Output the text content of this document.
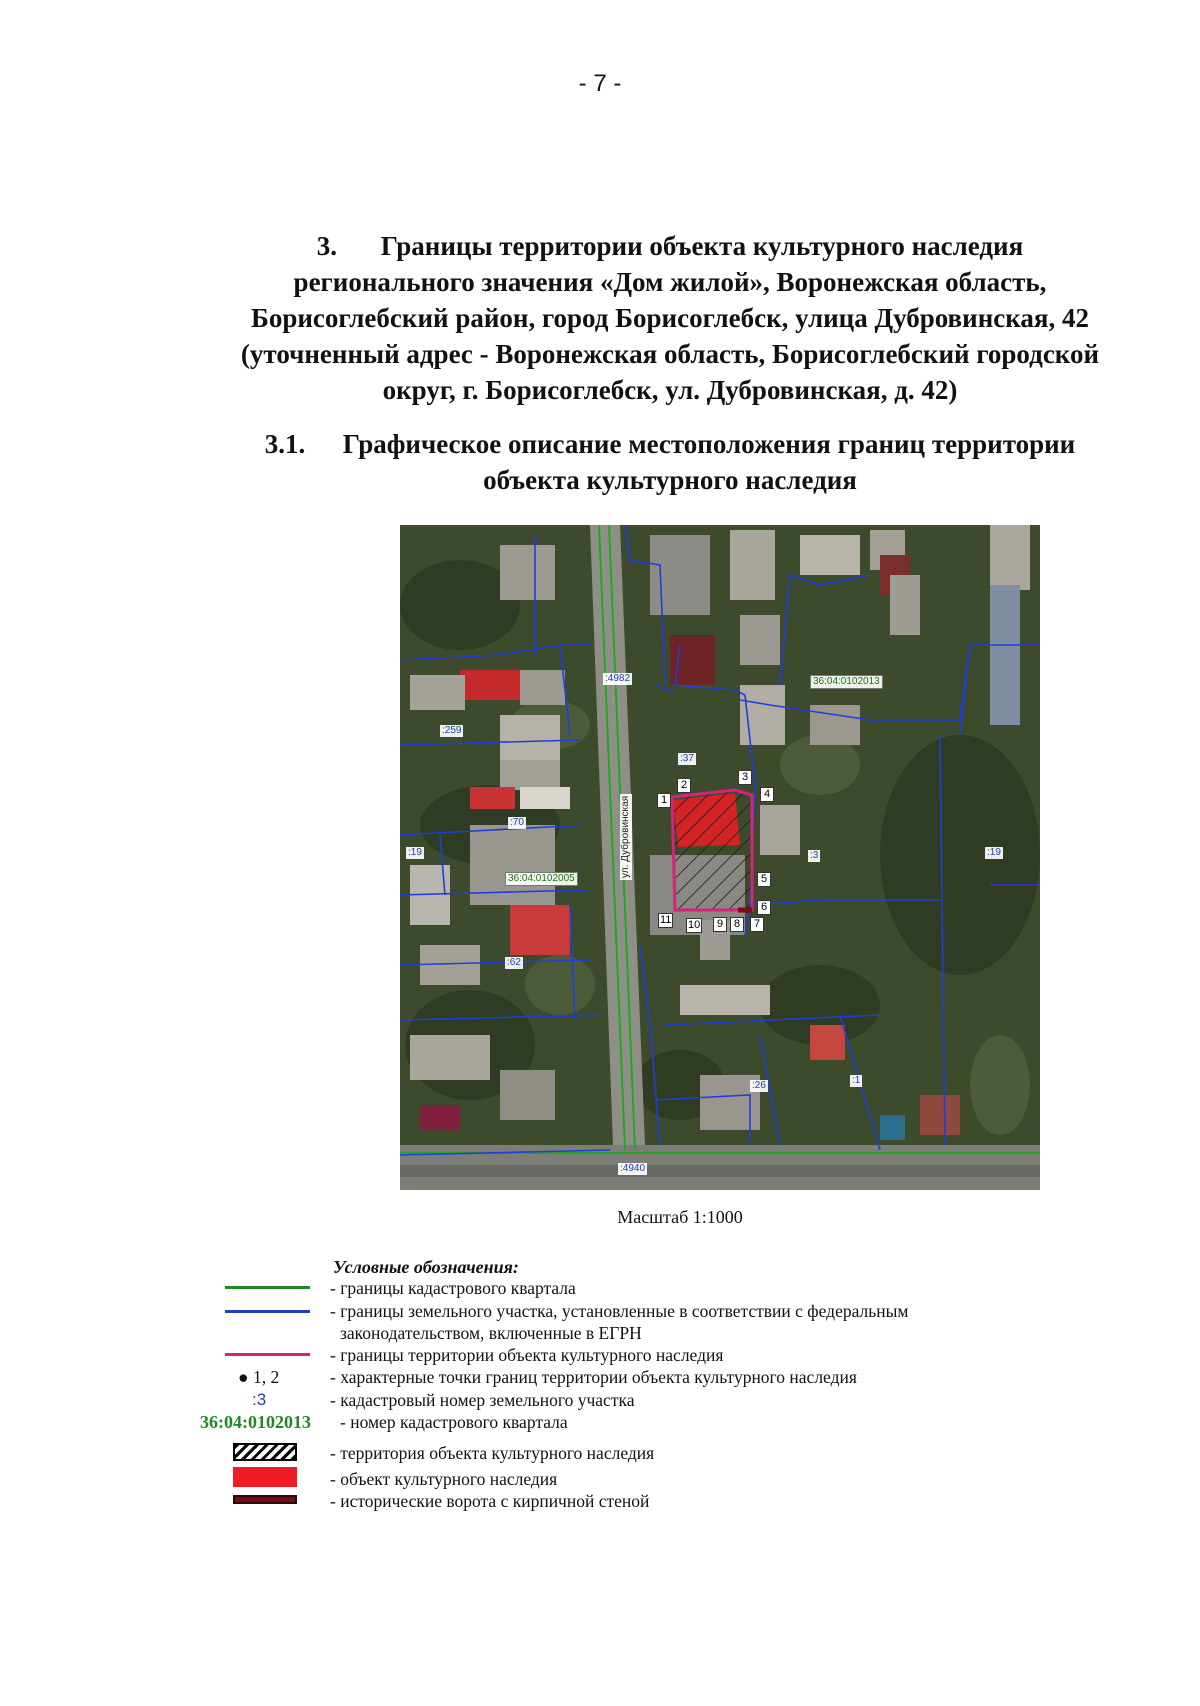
- 7 -
3. Границы территории объекта культурного наследия
регионального значения «Дом жилой», Воронежская область,
Борисоглебский район, город Борисоглебск, улица Дубровинская, 42
(уточненный адрес - Воронежская область, Борисоглебский городской
округ, г. Борисоглебск, ул. Дубровинская, д. 42)
3.1. Графическое описание местоположения границ территории
объекта культурного наследия
36:04:0102013
36:04:0102005
:4982
:259
:37
:70
:19	:3	:19
:62
:26	:1
:4940
ул. Дубровинская	1
2
3
4
5
6
7
8
9
10
11
Масштаб 1:1000
Условные обозначения:
- границы кадастрового квартала
- границы земельного участка, установленные в соответствии с федеральным
законодательством, включенные в ЕГРН
- границы территории объекта культурного наследия
● 1, 2	- характерные точки границ территории объекта культурного наследия
:3	- кадастровый номер земельного участка
36:04:0102013 - номер кадастрового квартала
- территория объекта культурного наследия
- объект культурного наследия
- исторические ворота с кирпичной стеной
